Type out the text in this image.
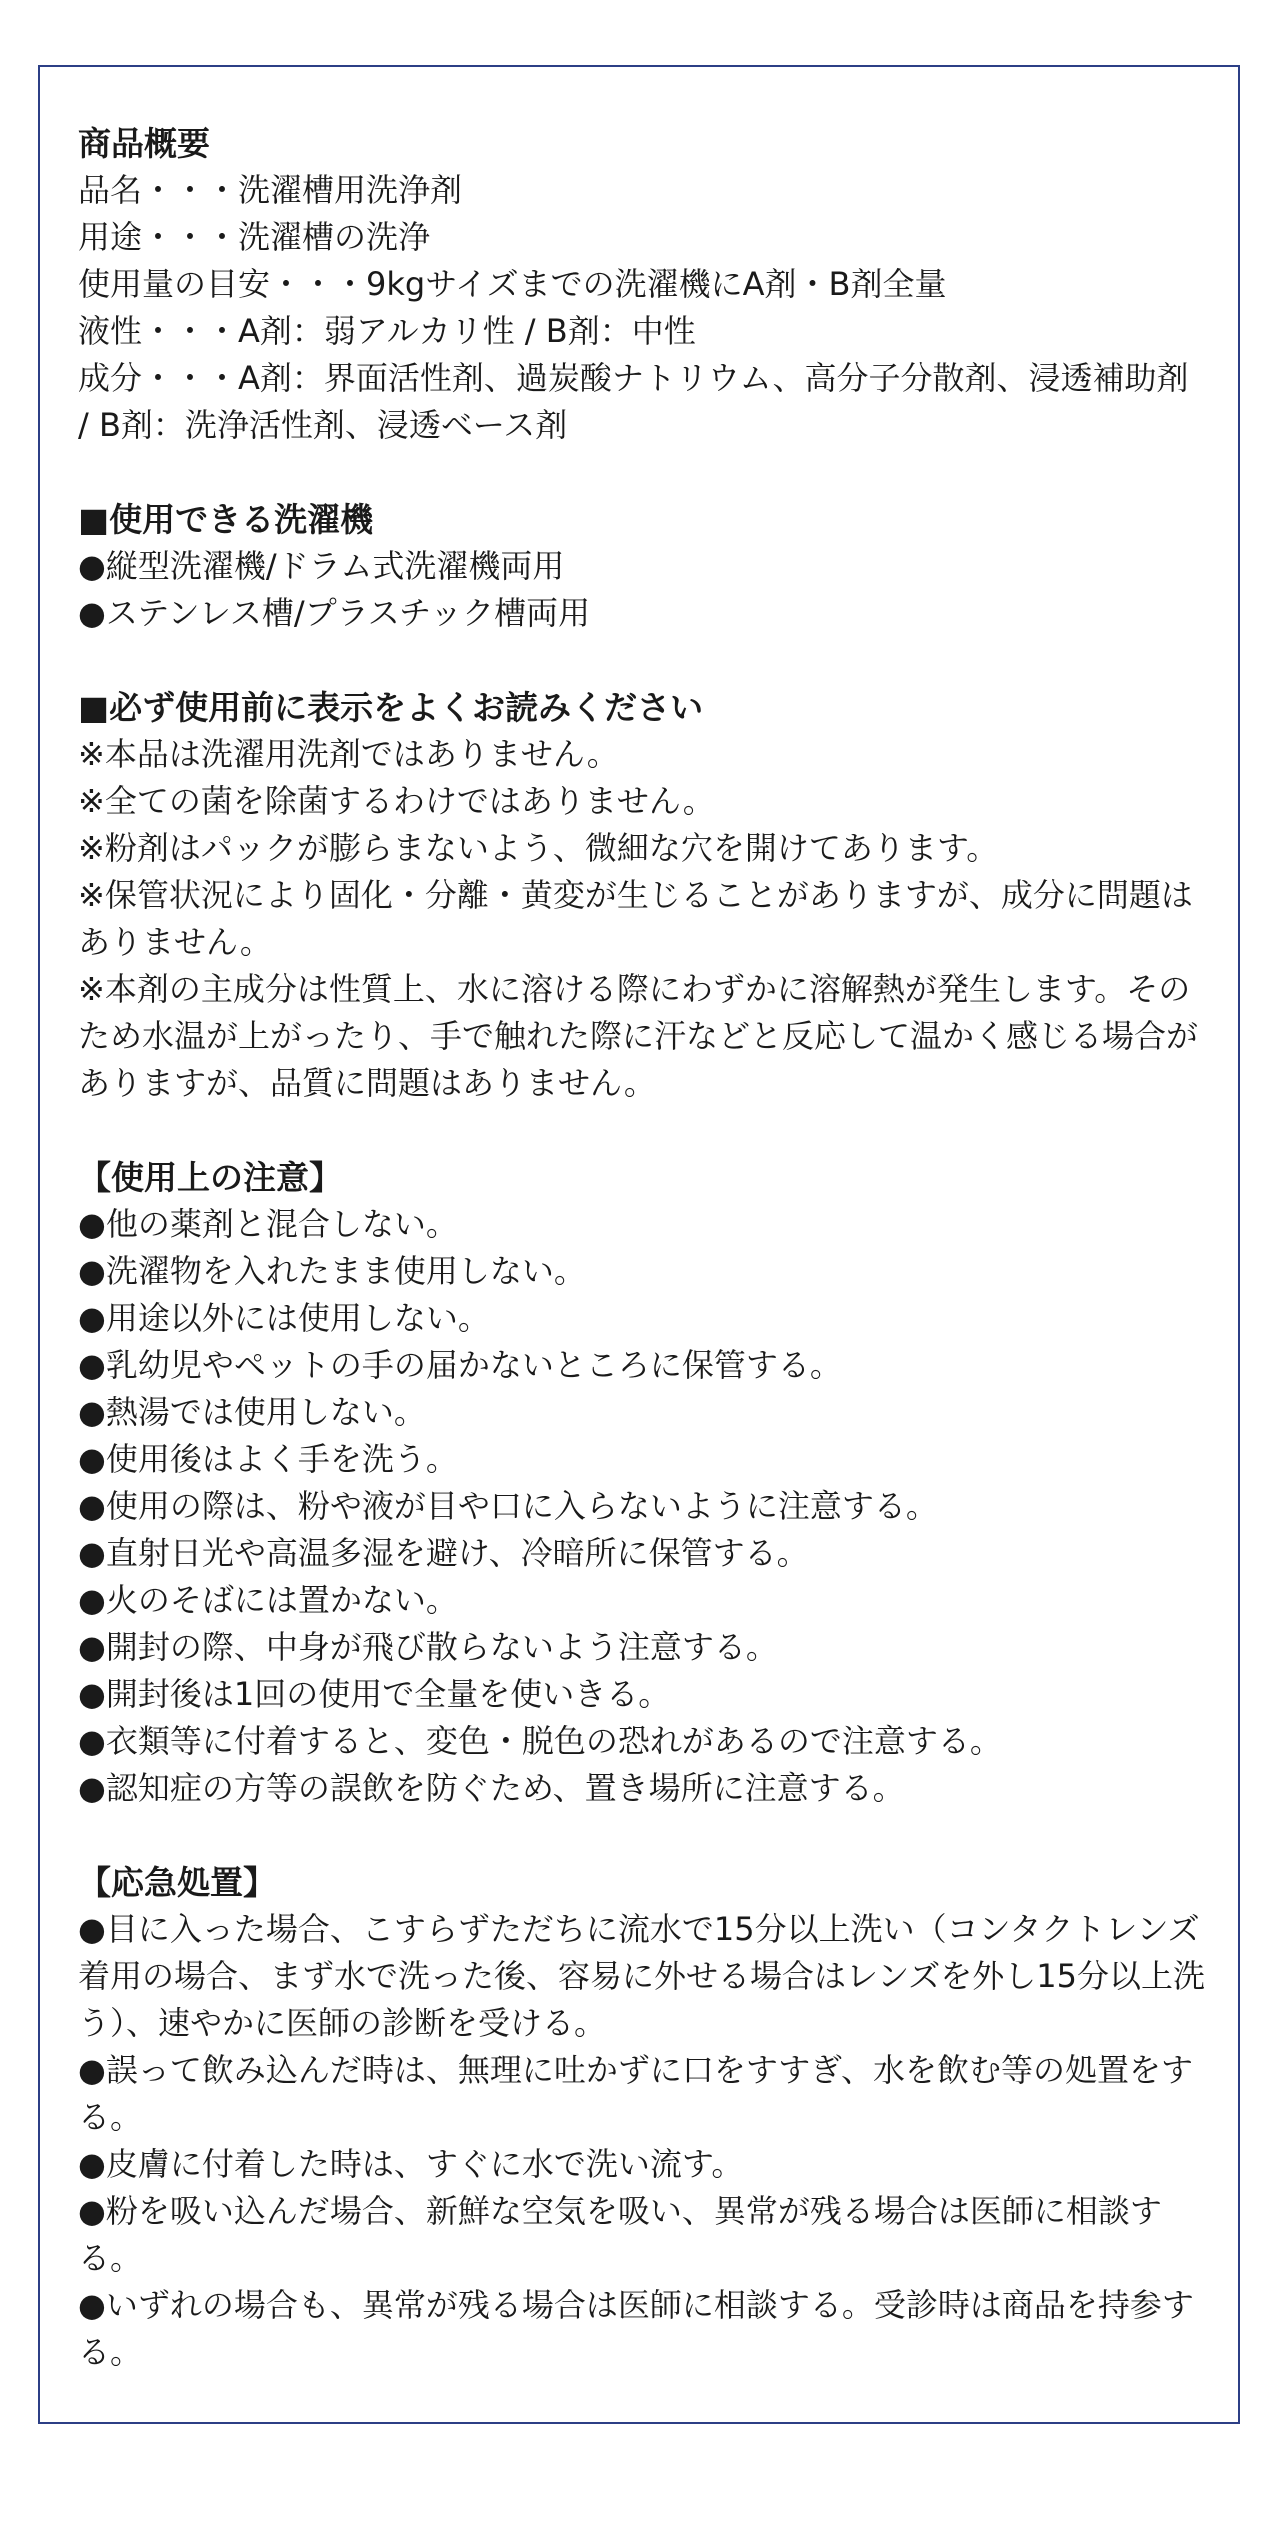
商品概要
品名・・・洗濯槽用洗浄剤
用途・・・洗濯槽の洗浄
使用量の目安・・・9kgサイズまでの洗濯機にA剤・B剤全量
液性・・・A剤：弱アルカリ性 / B剤：中性
成分・・・A剤：界面活性剤、過炭酸ナトリウム、高分子分散剤、浸透補助剤 / B剤：洗浄活性剤、浸透ベース剤
■使用できる洗濯機
●縦型洗濯機/ドラム式洗濯機両用
●ステンレス槽/プラスチック槽両用
■必ず使用前に表示をよくお読みください
※本品は洗濯用洗剤ではありません。
※全ての菌を除菌するわけではありません。
※粉剤はパックが膨らまないよう、微細な穴を開けてあります。
※保管状況により固化・分離・黄変が生じることがありますが、成分に問題はありません。
※本剤の主成分は性質上、水に溶ける際にわずかに溶解熱が発生します。そのため水温が上がったり、手で触れた際に汗などと反応して温かく感じる場合がありますが、品質に問題はありません。
【使用上の注意】
●他の薬剤と混合しない。
●洗濯物を入れたまま使用しない。
●用途以外には使用しない。
●乳幼児やペットの手の届かないところに保管する。
●熱湯では使用しない。
●使用後はよく手を洗う。
●使用の際は、粉や液が目や口に入らないように注意する。
●直射日光や高温多湿を避け、冷暗所に保管する。
●火のそばには置かない。
●開封の際、中身が飛び散らないよう注意する。
●開封後は1回の使用で全量を使いきる。
●衣類等に付着すると、変色・脱色の恐れがあるので注意する。
●認知症の方等の誤飲を防ぐため、置き場所に注意する。
【応急処置】
●目に入った場合、こすらずただちに流水で15分以上洗い（コンタクトレンズ着用の場合、まず水で洗った後、容易に外せる場合はレンズを外し15分以上洗う）、速やかに医師の診断を受ける。
●誤って飲み込んだ時は、無理に吐かずに口をすすぎ、水を飲む等の処置をする。
●皮膚に付着した時は、すぐに水で洗い流す。
●粉を吸い込んだ場合、新鮮な空気を吸い、異常が残る場合は医師に相談する。
●いずれの場合も、異常が残る場合は医師に相談する。受診時は商品を持参する。
